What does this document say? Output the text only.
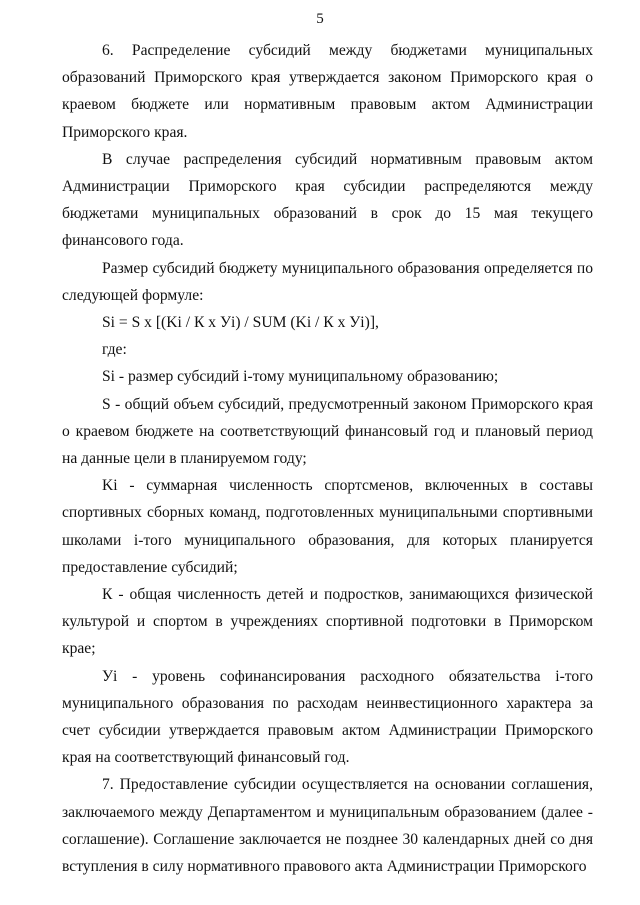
5

6. Распределение субсидий между бюджетами муниципальных образований Приморского края утверждается законом Приморского края о краевом бюджете или нормативным правовым актом Администрации Приморского края.

В случае распределения субсидий нормативным правовым актом Администрации Приморского края субсидии распределяются между бюджетами муниципальных образований в срок до 15 мая текущего финансового года.

Размер субсидий бюджету муниципального образования определяется по следующей формуле:

Si = S x [(Ki / К x Уi) / SUM (Ki / К x Уi)],

где:

Si - размер субсидий i-тому муниципальному образованию;

S - общий объем субсидий, предусмотренный законом Приморского края о краевом бюджете на соответствующий финансовый год и плановый период на данные цели в планируемом году;

Ki - суммарная численность спортсменов, включенных в составы спортивных сборных команд, подготовленных муниципальными спортивными школами i-того муниципального образования, для которых планируется предоставление субсидий;

К - общая численность детей и подростков, занимающихся физической культурой и спортом в учреждениях спортивной подготовки в Приморском крае;

Уi - уровень софинансирования расходного обязательства i-того муниципального образования по расходам неинвестиционного характера за счет субсидии утверждается правовым актом Администрации Приморского края на соответствующий финансовый год.

7. Предоставление субсидии осуществляется на основании соглашения, заключаемого между Департаментом и муниципальным образованием (далее - соглашение). Соглашение заключается не позднее 30 календарных дней со дня вступления в силу нормативного правового акта Администрации Приморского
